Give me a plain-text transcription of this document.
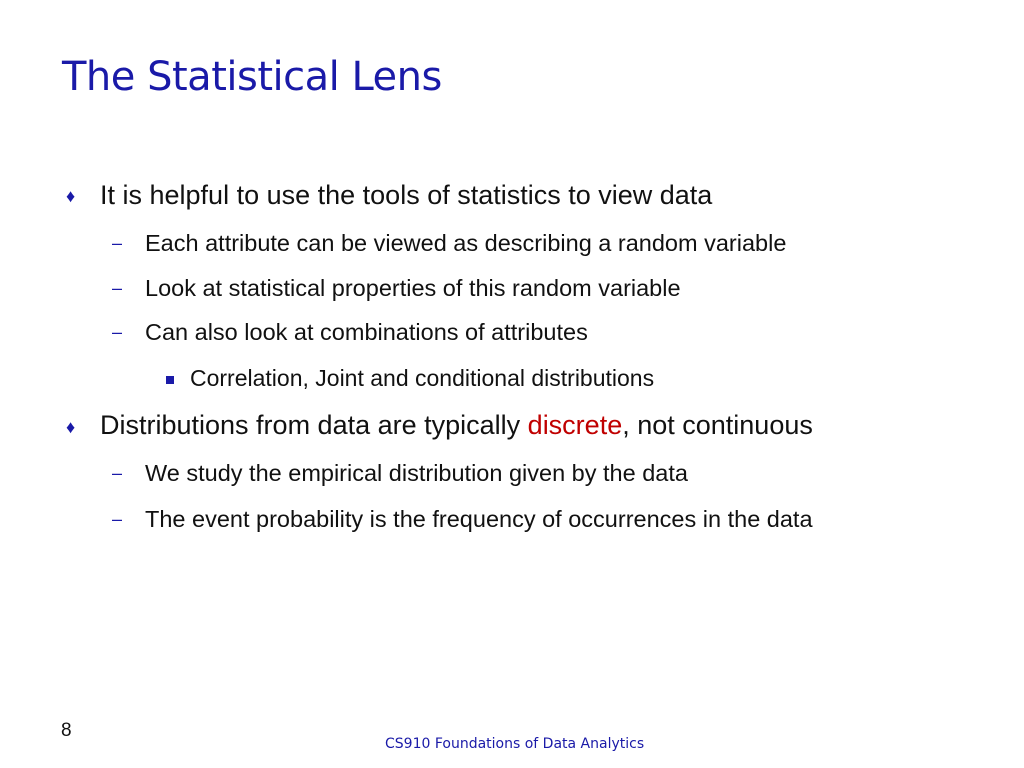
The Statistical Lens
♦ It is helpful to use the tools of statistics to view data
– Each attribute can be viewed as describing a random variable
– Look at statistical properties of this random variable
– Can also look at combinations of attributes
Correlation, Joint and conditional distributions
♦ Distributions from data are typically discrete, not continuous
– We study the empirical distribution given by the data
– The event probability is the frequency of occurrences in the data
8
CS910 Foundations of Data Analytics
